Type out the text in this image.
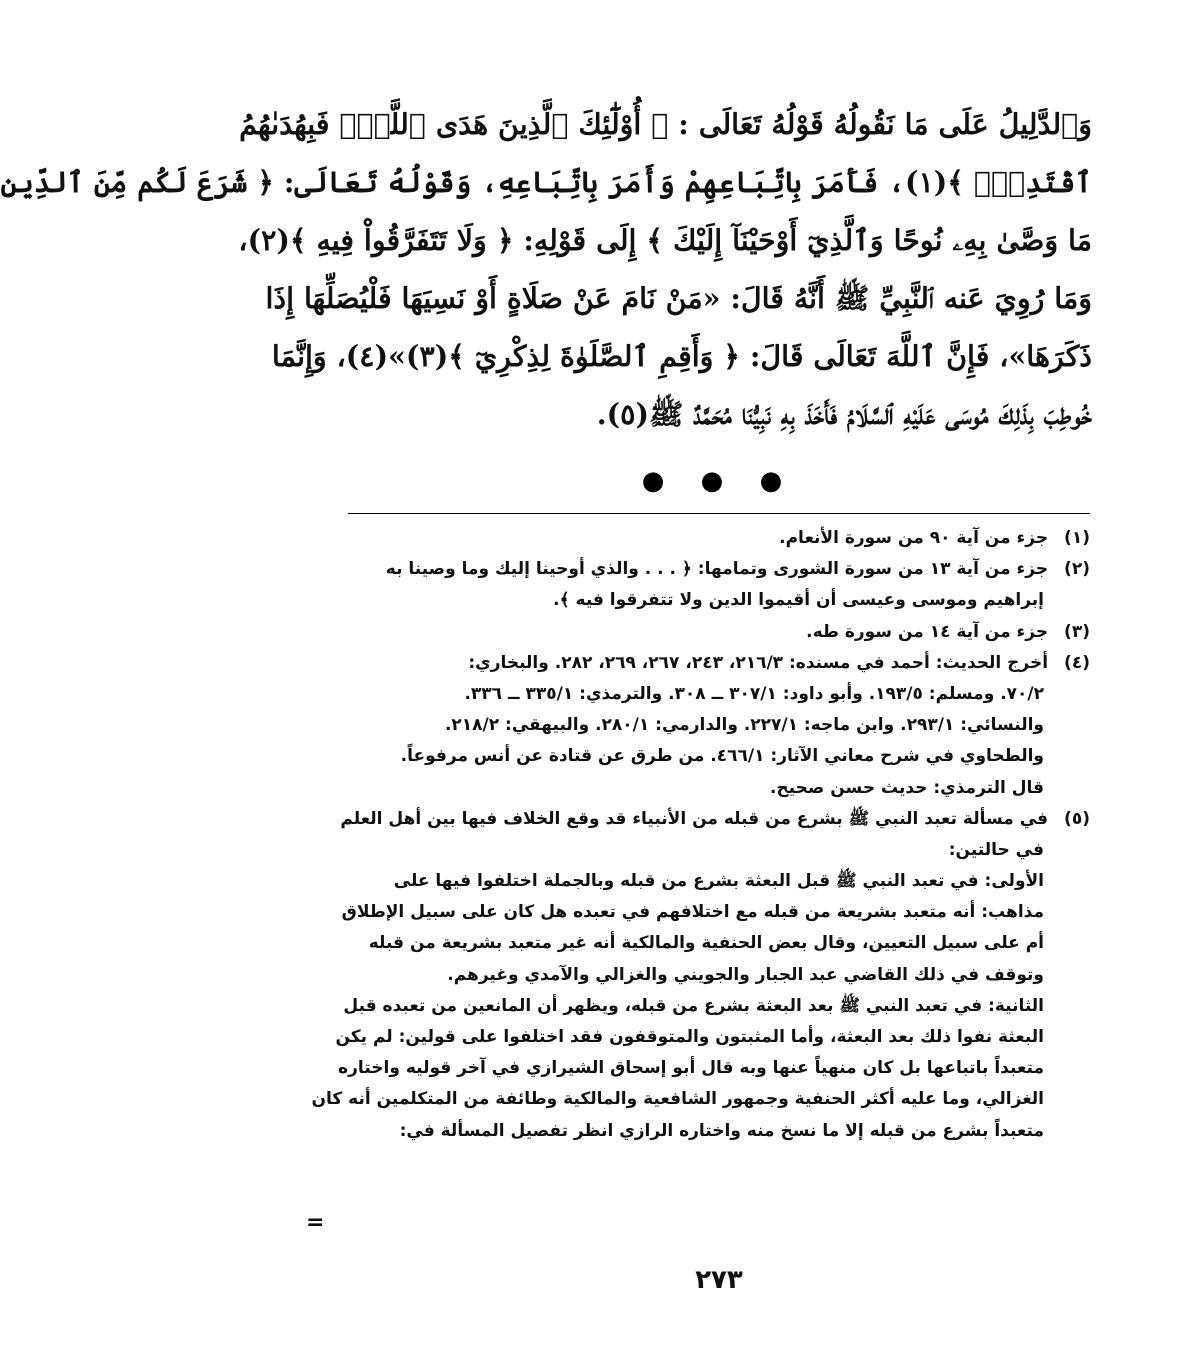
وَٱلدَّلِيلُ عَلَى مَا نَقُولُهُ قَوْلُهُ تَعَالَى : ﴿ أُوْلَٰٓئِكَ ٱلَّذِينَ هَدَى ٱللَّهُۖ فَبِهُدَىٰهُمُ
ٱقْتَدِهْۗ ﴾(١)، فَأَمَرَ بِاتِّبَاعِهِمْ وَأَمَرَ بِاتِّبَاعِهِ، وَقَوْلُهُ تَعَالَى: ﴿ شَرَعَ لَكُم مِّنَ ٱلدِّينِ
مَا وَصَّىٰ بِهِۦ نُوحًا وَٱلَّذِيٓ أَوْحَيْنَآ إِلَيْكَ ﴾ إِلَى قَوْلِهِ: ﴿ وَلَا تَتَفَرَّقُواْ فِيهِ ﴾(٢)،
وَمَا رُوِيَ عَنه ٱلنَّبِيِّ ﷺ أَنَّهُ قَالَ: «مَنْ نَامَ عَنْ صَلَاةٍ أَوْ نَسِيَهَا فَلْيُصَلِّهَا إِذَا
ذَكَرَهَا»، فَإِنَّ ٱللَّهَ تَعَالَى قَالَ: ﴿ وَأَقِمِ ٱلصَّلَوٰةَ لِذِكْرِيٓ ﴾(٣)»(٤)، وَإِنَّمَا
خُوطِبَ بِذَلِكَ مُوسَى عَلَيْهِ ٱلسَّلَامُ فَأَخَذَ بِهِ نَبِيُّنَا مُحَمَّدٌ ﷺ(٥).
● ● ●
(١) جزء من آية ٩٠ من سورة الأنعام.
(٢) جزء من آية ١٣ من سورة الشورى وتمامها: ﴿ . . . والذي أوحينا إليك وما وصينا به
إبراهيم وموسى وعيسى أن أقيموا الدين ولا تتفرقوا فيه ﴾.
(٣) جزء من آية ١٤ من سورة طه.
(٤) أخرج الحديث: أحمد في مسنده: ٢١٦/٣، ٢٤٣، ٢٦٧، ٢٦٩، ٢٨٢. والبخاري:
٧٠/٢. ومسلم: ١٩٣/٥. وأبو داود: ٣٠٧/١ ــ ٣٠٨. والترمذي: ٣٣٥/١ ــ ٣٣٦.
والنسائي: ٢٩٣/١. وابن ماجه: ٢٢٧/١. والدارمي: ٢٨٠/١. والبيهقي: ٢١٨/٢.
والطحاوي في شرح معاني الآثار: ٤٦٦/١. من طرق عن قتادة عن أنس مرفوعاً.
قال الترمذي: حديث حسن صحيح.
(٥) في مسألة تعبد النبي ﷺ بشرع من قبله من الأنبياء قد وقع الخلاف فيها بين أهل العلم
في حالتين:
الأولى: في تعبد النبي ﷺ قبل البعثة بشرع من قبله وبالجملة اختلفوا فيها على
مذاهب: أنه متعبد بشريعة من قبله مع اختلافهم في تعبده هل كان على سبيل الإطلاق
أم على سبيل التعيين، وقال بعض الحنفية والمالكية أنه غير متعبد بشريعة من قبله
وتوقف في ذلك القاضي عبد الجبار والجويني والغزالي والآمدي وغيرهم.
الثانية: في تعبد النبي ﷺ بعد البعثة بشرع من قبله، ويظهر أن المانعين من تعبده قبل
البعثة نفوا ذلك بعد البعثة، وأما المثبتون والمتوقفون فقد اختلفوا على قولين: لم يكن
متعبداً باتباعها بل كان منهياً عنها وبه قال أبو إسحاق الشيرازي في آخر قوليه واختاره
الغزالي، وما عليه أكثر الحنفية وجمهور الشافعية والمالكية وطائفة من المتكلمين أنه كان
متعبداً بشرع من قبله إلا ما نسخ منه واختاره الرازي انظر تفصيل المسألة في:
=
٢٧٣
